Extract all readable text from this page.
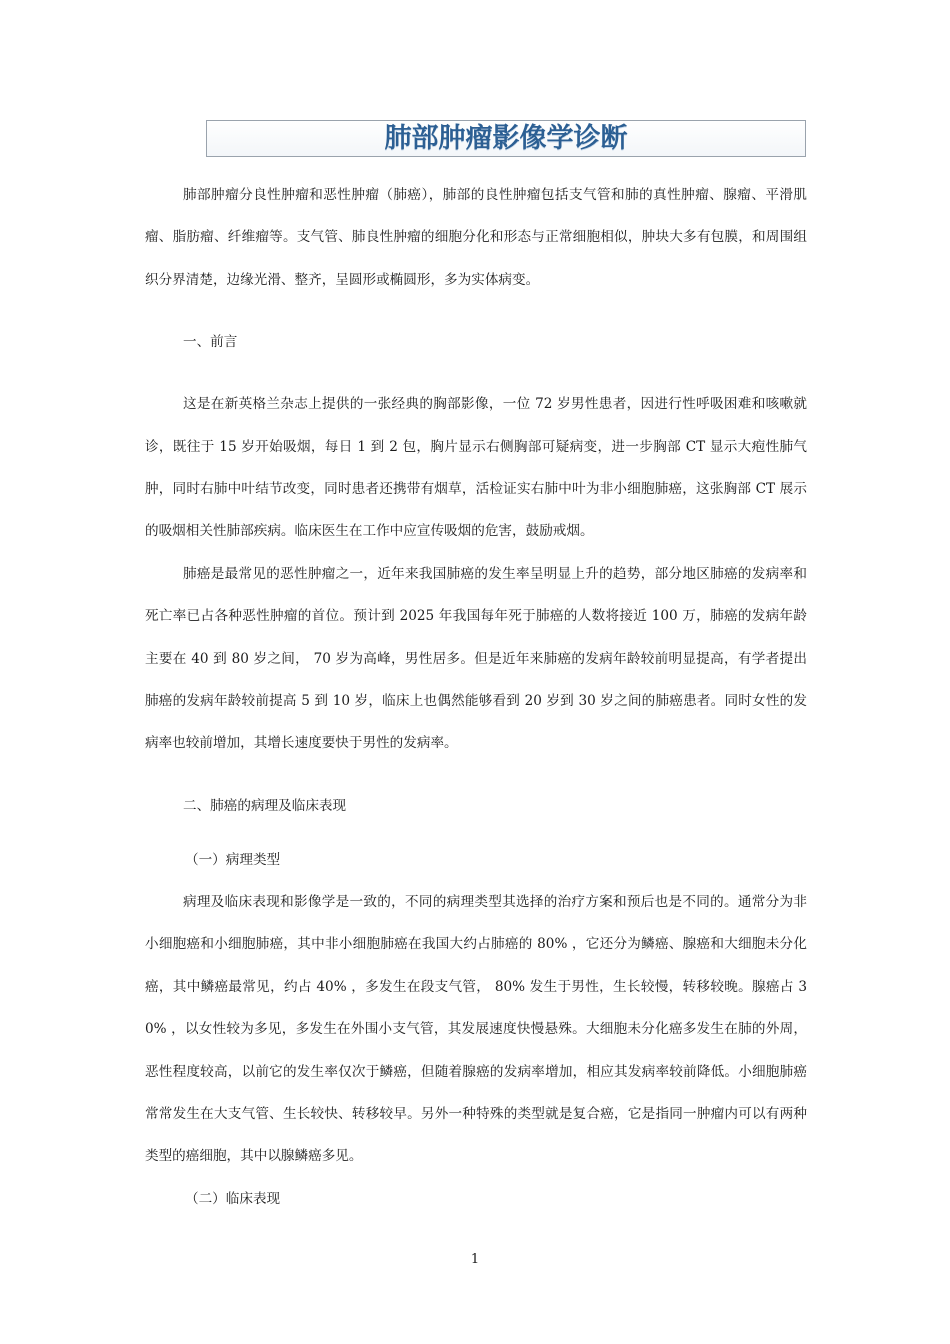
肺部肿瘤影像学诊断

肺部肿瘤分良性肿瘤和恶性肿瘤（肺癌），肺部的良性肿瘤包括支气管和肺的真性肿瘤、腺瘤、平滑肌瘤、脂肪瘤、纤维瘤等。支气管、肺良性肿瘤的细胞分化和形态与正常细胞相似，肿块大多有包膜，和周围组织分界清楚，边缘光滑、整齐，呈圆形或椭圆形，多为实体病变。

一、前言

这是在新英格兰杂志上提供的一张经典的胸部影像，一位 72 岁男性患者，因进行性呼吸困难和咳嗽就诊，既往于 15 岁开始吸烟，每日 1 到 2 包，胸片显示右侧胸部可疑病变，进一步胸部 CT 显示大疱性肺气肿，同时右肺中叶结节改变，同时患者还携带有烟草，活检证实右肺中叶为非小细胞肺癌，这张胸部 CT 展示的吸烟相关性肺部疾病。临床医生在工作中应宣传吸烟的危害，鼓励戒烟。

肺癌是最常见的恶性肿瘤之一，近年来我国肺癌的发生率呈明显上升的趋势，部分地区肺癌的发病率和死亡率已占各种恶性肿瘤的首位。预计到 2025 年我国每年死于肺癌的人数将接近 100 万，肺癌的发病年龄主要在 40 到 80 岁之间， 70 岁为高峰，男性居多。但是近年来肺癌的发病年龄较前明显提高，有学者提出肺癌的发病年龄较前提高 5 到 10 岁，临床上也偶然能够看到 20 岁到 30 岁之间的肺癌患者。同时女性的发病率也较前增加，其增长速度要快于男性的发病率。

二、肺癌的病理及临床表现

（一）病理类型

病理及临床表现和影像学是一致的，不同的病理类型其选择的治疗方案和预后也是不同的。通常分为非小细胞癌和小细胞肺癌，其中非小细胞肺癌在我国大约占肺癌的 80% ，它还分为鳞癌、腺癌和大细胞未分化癌，其中鳞癌最常见，约占 40% ，多发生在段支气管， 80% 发生于男性，生长较慢，转移较晚。腺癌占 30% ，以女性较为多见，多发生在外围小支气管，其发展速度快慢悬殊。大细胞未分化癌多发生在肺的外周，恶性程度较高，以前它的发生率仅次于鳞癌，但随着腺癌的发病率增加，相应其发病率较前降低。小细胞肺癌常常发生在大支气管、生长较快、转移较早。另外一种特殊的类型就是复合癌，它是指同一肿瘤内可以有两种类型的癌细胞，其中以腺鳞癌多见。

（二）临床表现

1
